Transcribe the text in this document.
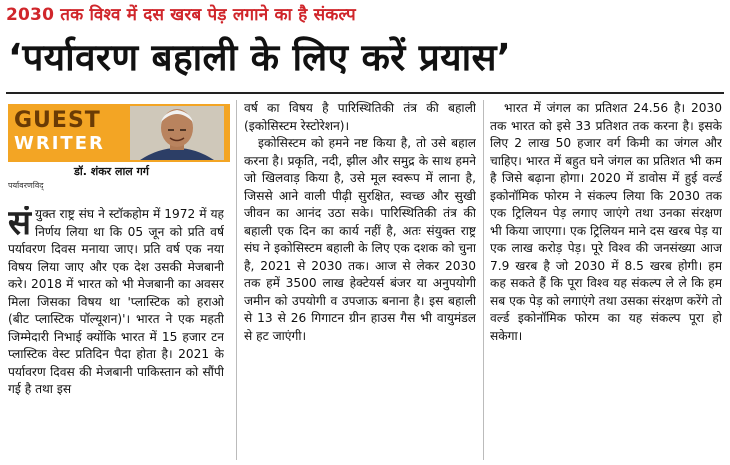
2030 तक विश्व में दस खरब पेड़ लगाने का है संकल्प
‘पर्यावरण बहाली के लिए करें प्रयास’
GUEST
WRITER
डॉ. शंकर लाल गर्ग
पर्यावरणविद्

संयुक्त राष्ट्र संघ ने स्टॉकहोम में 1972 में यह निर्णय लिया था कि 05 जून को प्रति वर्ष पर्यावरण दिवस मनाया जाए। प्रति वर्ष एक नया विषय लिया जाए और एक देश उसकी मेजबानी करे। 2018 में भारत को भी मेजबानी का अवसर मिला जिसका विषय था 'प्लास्टिक को हराओ (बीट प्लास्टिक पॉल्यूशन)'। भारत ने एक महती जिम्मेदारी निभाई क्योंकि भारत में 15 हजार टन प्लास्टिक वेस्ट प्रतिदिन पैदा होता है। 2021 के पर्यावरण दिवस की मेजबानी पाकिस्तान को सौंपी गई है तथा इस

वर्ष का विषय है पारिस्थितिकी तंत्र की बहाली (इकोसिस्टम रेस्टोरेशन)।

इकोसिस्टम को हमने नष्ट किया है, तो उसे बहाल करना है। प्रकृति, नदी, झील और समुद्र के साथ हमने जो खिलवाड़ किया है, उसे मूल स्वरूप में लाना है, जिससे आने वाली पीढ़ी सुरक्षित, स्वच्छ और सुखी जीवन का आनंद उठा सके। पारिस्थितिकी तंत्र की बहाली एक दिन का कार्य नहीं है, अतः संयुक्त राष्ट्र संघ ने इकोसिस्टम बहाली के लिए एक दशक को चुना है, 2021 से 2030 तक। आज से लेकर 2030 तक हमें 3500 लाख हेक्टेयर्स बंजर या अनुपयोगी जमीन को उपयोगी व उपजाऊ बनाना है। इस बहाली से 13 से 26 गिगाटन ग्रीन हाउस गैस भी वायुमंडल से हट जाएंगी।

भारत में जंगल का प्रतिशत 24.56 है। 2030 तक भारत को इसे 33 प्रतिशत तक करना है। इसके लिए 2 लाख 50 हजार वर्ग किमी का जंगल और चाहिए। भारत में बहुत घने जंगल का प्रतिशत भी कम है जिसे बढ़ाना होगा। 2020 में डावोस में हुई वर्ल्ड इकोनॉमिक फोरम ने संकल्प लिया कि 2030 तक एक ट्रिलियन पेड़ लगाए जाएंगे तथा उनका संरक्षण भी किया जाएगा। एक ट्रिलियन माने दस खरब पेड़ या एक लाख करोड़ पेड़। पूरे विश्व की जनसंख्या आज 7.9 खरब है जो 2030 में 8.5 खरब होगी। हम कह सकते हैं कि पूरा विश्व यह संकल्प ले ले कि हम सब एक पेड़ को लगाएंगे तथा उसका संरक्षण करेंगे तो वर्ल्ड इकोनॉमिक फोरम का यह संकल्प पूरा हो सकेगा।
